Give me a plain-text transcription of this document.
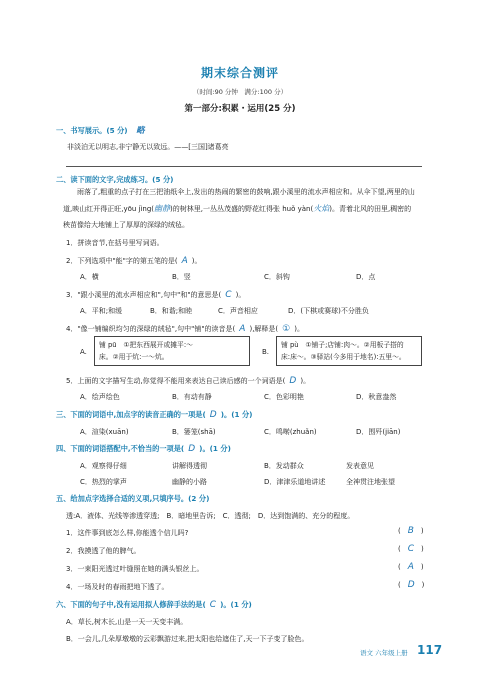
期末综合测评
（时间:90 分钟　满分:100 分）
第一部分:积累・运用(25 分)
一、书写展示。(5 分) 略
非淡泊无以明志,非宁静无以致远。——[三国]诸葛亮
二、读下面的文字,完成练习。(5 分)
雨落了,粗重的点子打在三把油纸伞上,发出的热闹的繁密的鼓响,跟小溪里的流水声相应和。从伞下望,两里的山道,映山红开得正旺,yōu jìng(幽静)的树林里,一丛丛茂盛的野花红得张 huǒ yàn(火焰)。青着北风的田里,稠密的秧苗像给大地铺上了厚厚的深绿的绒毡。
1．拼读音节,在括号里写词语。
2．下列选项中"能"字的第五笔的是( A )。
A．横	B．竖	C．斜钩	D．点
3．"跟小溪里的流水声相应和",句中"和"的意思是( C )。
A．平和;和缓	B．和谐;和睦	C．声音相应	D．(下棋或赛球)不分胜负
4．"像一铺编织均匀的深绿的绒毡",句中"铺"的读音是( A ),解释是( ① )。
A.
铺 pū　①把东西展开或摊平:～
床。②用于炕:一～炕。
B.
铺 pù　①铺子;店铺:肉～。②用板子搭的
床:床～。③驿站(今多用于地名):五里～。
5．上面的文字描写生动,你觉得不能用来表达自己读后感的一个词语是( D )。
A．绘声绘色	B．有动有静	C．色彩明艳	D．秋意盎然
三、下面的词语中,加点字的读音正确的一项是( D )。(1 分)
A．渲染(xuān)	B．篓笼(shā)	C．鸣啭(zhuǎn)	D．围歼(jiān)
四、下面的词语搭配中,不恰当的一项是( D )。(1 分)
A．观察得仔细	讲解得透彻	B．发动群众	发表意见
C．热烈的掌声	幽静的小路	D．津津乐道地讲述	全神贯注地张望
五、给加点字选择合适的义项,只填序号。(2 分)
透:A．液体、光线等渗透穿透;　B．暗地里告诉;　C．透彻;　D．达到饱满的、充分的程度。
1．这件事到底怎么样,你能透个信儿吗?	(　B　)
2．我摸透了他的脾气。	(　C　)
3．一束阳光透过叶缝照在她的满头银丝上。	(　A　)
4．一场及时的春雨把地下透了。	(　D　)
六、下面的句子中,没有运用拟人修辞手法的是( C )。(1 分)
A．草长,树木长,山是一天一天变丰满。
B．一会儿,几朵厚墩墩的云彩飘游过来,把太阳也给遮住了,天一下子变了脸色。
语文 六年级上册 117
